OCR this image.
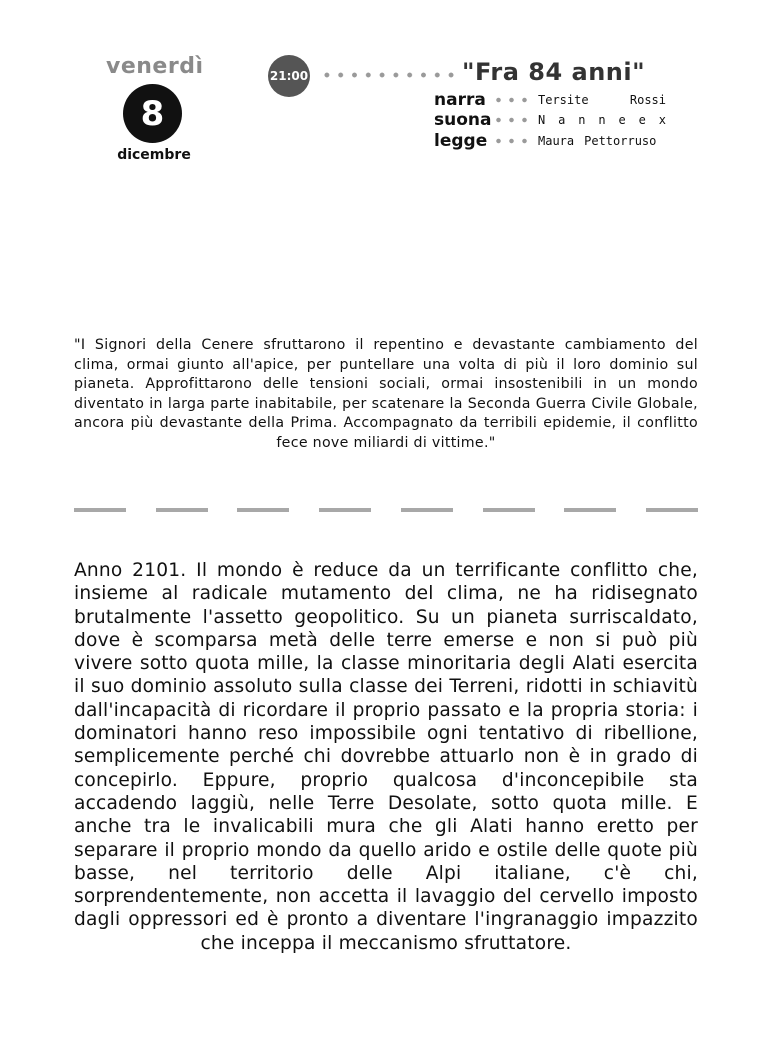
venerdì
8
dicembre
21:00	"Fra 84 anni"
narra	Tersite	Rossi
suona	N a n n e e x
legge	Maura Pettorruso
"I Signori della Cenere sfruttarono il repentino e devastante cambiamento del clima, ormai giunto all'apice, per puntellare una volta di più il loro dominio sul pianeta. Approfittarono delle tensioni sociali, ormai insostenibili in un mondo diventato in larga parte inabitabile, per scatenare la Seconda Guerra Civile Globale, ancora più devastante della Prima. Accompagnato da terribili epidemie, il conflitto fece nove miliardi di vittime."
Anno 2101. Il mondo è reduce da un terrificante conflitto che, insieme al radicale mutamento del clima, ne ha ridisegnato brutalmente l'assetto geopolitico. Su un pianeta surriscaldato, dove è scomparsa metà delle terre emerse e non si può più vivere sotto quota mille, la classe minoritaria degli Alati esercita il suo dominio assoluto sulla classe dei Terreni, ridotti in schiavitù dall'incapacità di ricordare il proprio passato e la propria storia: i dominatori hanno reso impossibile ogni tentativo di ribellione, semplicemente perché chi dovrebbe attuarlo non è in grado di concepirlo. Eppure, proprio qualcosa d'inconcepibile sta accadendo laggiù, nelle Terre Desolate, sotto quota mille. E anche tra le invalicabili mura che gli Alati hanno eretto per separare il proprio mondo da quello arido e ostile delle quote più basse, nel territorio delle Alpi italiane, c'è chi, sorprendentemente, non accetta il lavaggio del cervello imposto dagli oppressori ed è pronto a diventare l'ingranaggio impazzito che inceppa il meccanismo sfruttatore.
